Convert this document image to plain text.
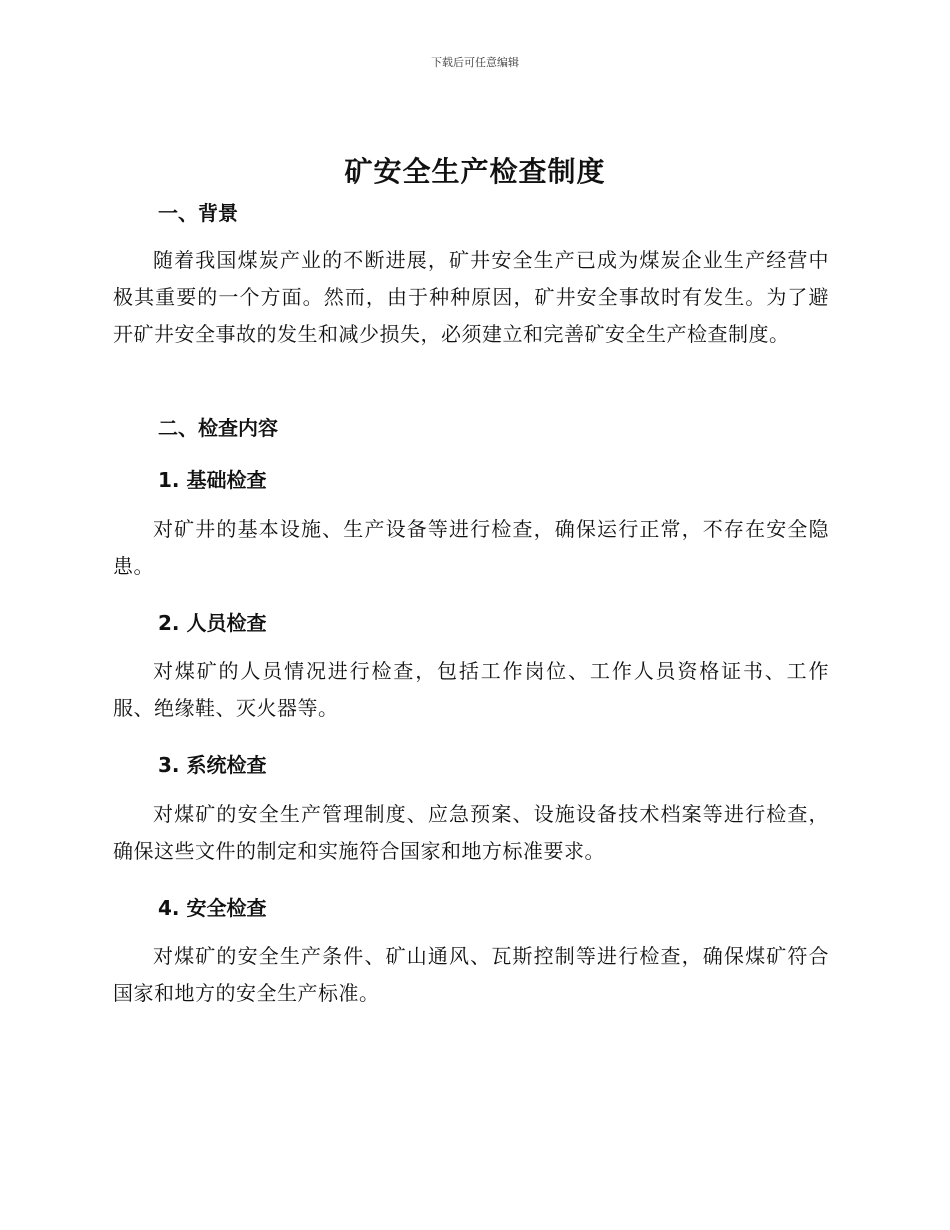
下载后可任意编辑
矿安全生产检查制度
一、背景

随着我国煤炭产业的不断进展，矿井安全生产已成为煤炭企业生产经营中极其重要的一个方面。然而，由于种种原因，矿井安全事故时有发生。为了避开矿井安全事故的发生和减少损失，必须建立和完善矿安全生产检查制度。

二、检查内容
1. 基础检查

对矿井的基本设施、生产设备等进行检查，确保运行正常，不存在安全隐患。

2. 人员检查

对煤矿的人员情况进行检查，包括工作岗位、工作人员资格证书、工作服、绝缘鞋、灭火器等。

3. 系统检查

对煤矿的安全生产管理制度、应急预案、设施设备技术档案等进行检查，确保这些文件的制定和实施符合国家和地方标准要求。

4. 安全检查

对煤矿的安全生产条件、矿山通风、瓦斯控制等进行检查，确保煤矿符合国家和地方的安全生产标准。
